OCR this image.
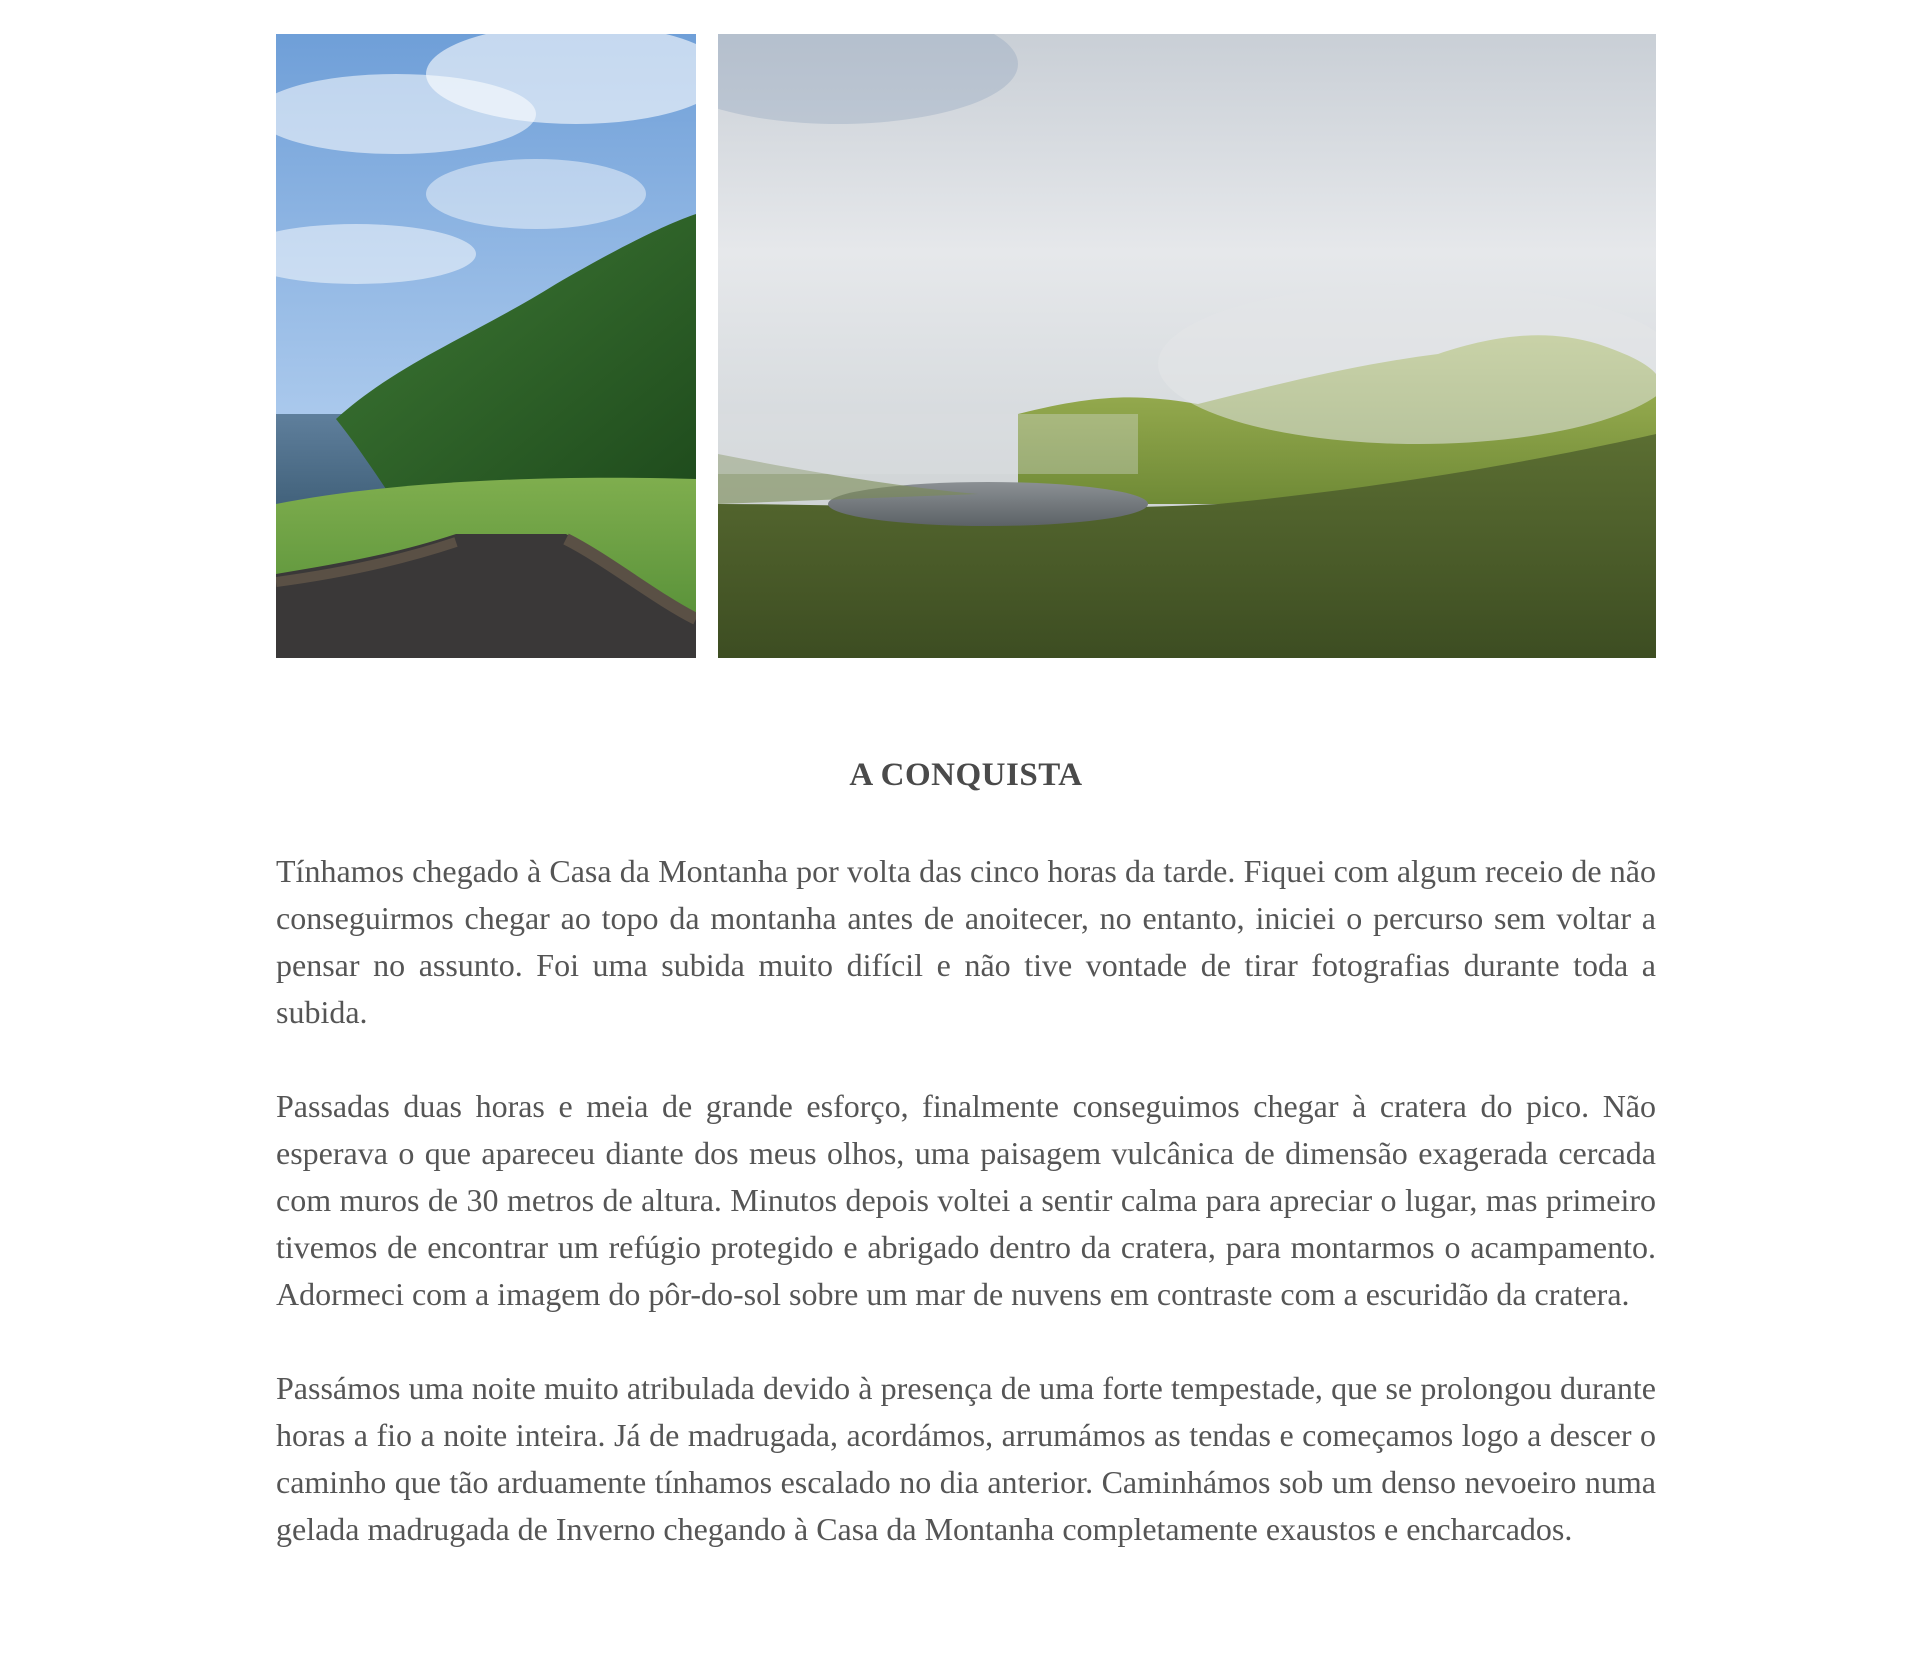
A CONQUISTA

Tínhamos chegado à Casa da Montanha por volta das cinco horas da tarde. Fiquei com algum receio de não conseguirmos chegar ao topo da montanha antes de anoitecer, no entanto, iniciei o percurso sem voltar a pensar no assunto. Foi uma subida muito difícil e não tive vontade de tirar fotografias durante toda a subida.

Passadas duas horas e meia de grande esforço, finalmente conseguimos chegar à cratera do pico. Não esperava o que apareceu diante dos meus olhos, uma paisagem vulcânica de dimensão exagerada cercada com muros de 30 metros de altura. Minutos depois voltei a sentir calma para apreciar o lugar, mas primeiro tivemos de encontrar um refúgio protegido e abrigado dentro da cratera, para montarmos o acampamento. Adormeci com a imagem do pôr-do-sol sobre um mar de nuvens em contraste com a escuridão da cratera.

Passámos uma noite muito atribulada devido à presença de uma forte tempestade, que se prolongou durante horas a fio a noite inteira. Já de madrugada, acordámos, arrumámos as tendas e começamos logo a descer o caminho que tão arduamente tínhamos escalado no dia anterior. Caminhámos sob um denso nevoeiro numa gelada madrugada de Inverno chegando à Casa da Montanha completamente exaustos e encharcados.
